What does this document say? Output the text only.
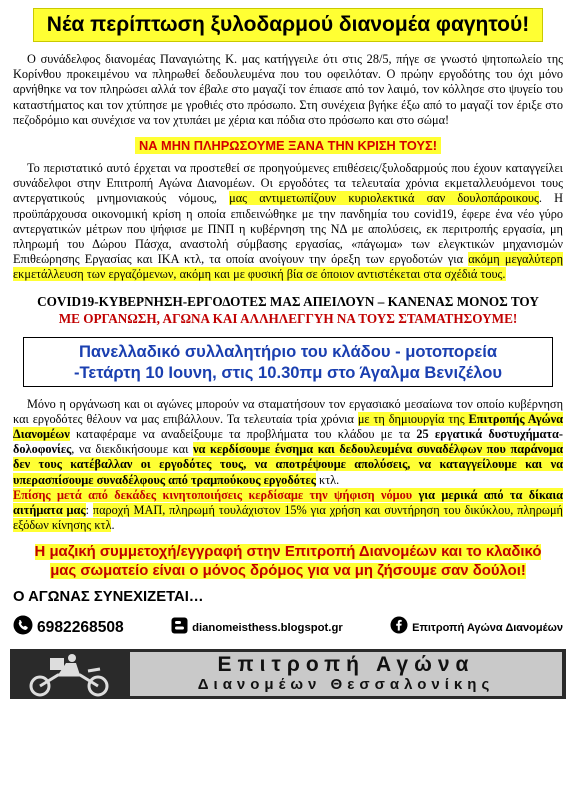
Νέα περίπτωση ξυλοδαρμού διανομέα φαγητού!

Ο συνάδελφος διανομέας Παναγιώτης Κ. μας κατήγγειλε ότι στις 28/5, πήγε σε γνωστό ψητοπωλείο της Κορίνθου προκειμένου να πληρωθεί δεδουλευμένα που του οφειλόταν. Ο πρώην εργοδότης του όχι μόνο αρνήθηκε να τον πληρώσει αλλά τον έβαλε στο μαγαζί τον έπιασε από τον λαιμό, τον κόλλησε στο ψυγείο του καταστήματος και τον χτύπησε με γροθιές στο πρόσωπο. Στη συνέχεια βγήκε έξω από το μαγαζί τον έριξε στο πεζοδρόμιο και συνέχισε να τον χτυπάει με χέρια και πόδια στο πρόσωπο και στο σώμα!

ΝΑ ΜΗΝ ΠΛΗΡΩΣΟΥΜΕ ΞΑΝΑ ΤΗΝ ΚΡΙΣΗ ΤΟΥΣ!

Το περιστατικό αυτό έρχεται να προστεθεί σε προηγούμενες επιθέσεις/ξυλοδαρμούς που έχουν καταγγείλει συνάδελφοι στην Επιτροπή Αγώνα Διανομέων. Οι εργοδότες τα τελευταία χρόνια εκμεταλλευόμενοι τους αντεργατικούς μνημονιακούς νόμους, μας αντιμετωπίζουν κυριολεκτικά σαν δουλοπάροικους. Η προϋπάρχουσα οικονομική κρίση η οποία επιδεινώθηκε με την πανδημία του covid19, έφερε ένα νέο γύρο αντεργατικών μέτρων που ψήφισε με ΠΝΠ η κυβέρνηση της ΝΔ με απολύσεις, εκ περιτροπής εργασία, μη πληρωμή του Δώρου Πάσχα, αναστολή σύμβασης εργασίας, «πάγωμα» των ελεγκτικών μηχανισμών Επιθεώρησης Εργασίας και ΙΚΑ κτλ, τα οποία ανοίγουν την όρεξη των εργοδοτών για ακόμη μεγαλύτερη εκμετάλλευση των εργαζόμενων, ακόμη και με φυσική βία σε όποιον αντιστέκεται στα σχέδιά τους.

COVID19-ΚΥΒΕΡΝΗΣΗ-ΕΡΓΟΔΟΤΕΣ ΜΑΣ ΑΠΕΙΛΟΥΝ – ΚΑΝΕΝΑΣ ΜΟΝΟΣ ΤΟΥ
ΜΕ ΟΡΓΑΝΩΣΗ, ΑΓΩΝΑ ΚΑΙ ΑΛΛΗΛΕΓΓΥΗ ΝΑ ΤΟΥΣ ΣΤΑΜΑΤΗΣΟΥΜΕ!
Πανελλαδικό συλλαλητήριο του κλάδου - μοτοπορεία
-Τετάρτη 10 Ιουνη, στις 10.30πμ στο Άγαλμα Βενιζέλου

Μόνο η οργάνωση και οι αγώνες μπορούν να σταματήσουν τον εργασιακό μεσαίωνα τον οποίο κυβέρνηση και εργοδότες θέλουν να μας επιβάλλουν. Τα τελευταία τρία χρόνια με τη δημιουργία της Επιτροπής Αγώνα Διανομέων καταφέραμε να αναδείξουμε τα προβλήματα του κλάδου με τα 25 εργατικά δυστυχήματα-δολοφονίες, να διεκδικήσουμε και να κερδίσουμε ένσημα και δεδουλευμένα συναδέλφων που παράνομα δεν τους κατέβαλλαν οι εργοδότες τους, να αποτρέψουμε απολύσεις, να καταγγείλουμε και να υπερασπίσουμε συναδέλφους από τραμπούκους εργοδότες κτλ.

Επίσης μετά από δεκάδες κινητοποιήσεις κερδίσαμε την ψήφιση νόμου για μερικά από τα δίκαια αιτήματα μας: παροχή ΜΑΠ, πληρωμή τουλάχιστον 15% για χρήση και συντήρηση του δικύκλου, πληρωμή εξόδων κίνησης κτλ.

Η μαζική συμμετοχή/εγγραφή στην Επιτροπή Διανομέων και το κλαδικό
μας σωματείο είναι ο μόνος δρόμος για να μη ζήσουμε σαν δούλοι!
Ο ΑΓΩΝΑΣ ΣΥΝΕΧΙΖΕΤΑΙ…
6982268508	dianomeisthess.blogspot.gr	Επιτροπή Αγώνα Διανομέων
Επιτροπή Αγώνα
Διανομέων Θεσσαλονίκης
